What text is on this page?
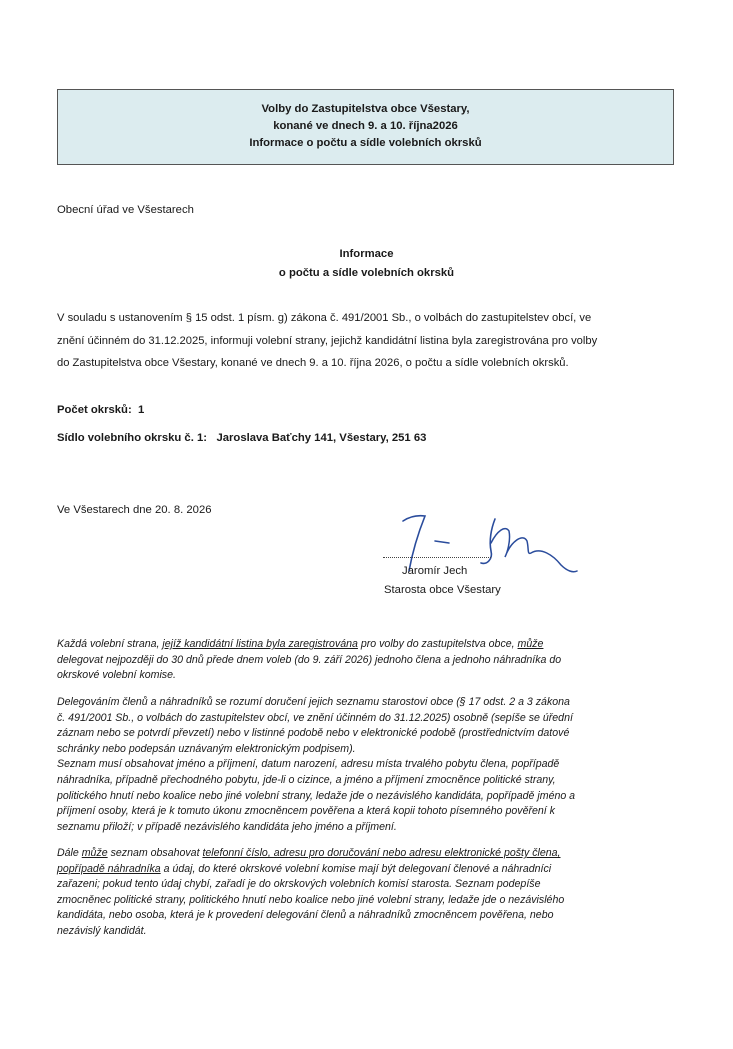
Volby do Zastupitelstva obce Všestary,
konané ve dnech 9. a 10. října2026
Informace o počtu a sídle volebních okrsků
Obecní úřad ve Všestarech
Informace
o počtu a sídle volebních okrsků
V souladu s ustanovením § 15 odst. 1 písm. g) zákona č. 491/2001 Sb., o volbách do zastupitelstev obcí, ve
znění účinném do 31.12.2025, informuji volební strany, jejichž kandidátní listina byla zaregistrována pro volby
do Zastupitelstva obce Všestary, konané ve dnech 9. a 10. října 2026, o počtu a sídle volebních okrsků.
Počet okrsků: 1
Sídlo volebního okrsku č. 1: Jaroslava Baťchy 141, Všestary, 251 63
Ve Všestarech dne 20. 8. 2026
Jaromír Jech
Starosta obce Všestary
Každá volební strana, jejíž kandidátní listina byla zaregistrována pro volby do zastupitelstva obce, může
delegovat nejpozději do 30 dnů přede dnem voleb (do 9. září 2026) jednoho člena a jednoho náhradníka do
okrskové volební komise.
Delegováním členů a náhradníků se rozumí doručení jejich seznamu starostovi obce (§ 17 odst. 2 a 3 zákona
č. 491/2001 Sb., o volbách do zastupitelstev obcí, ve znění účinném do 31.12.2025) osobně (sepíše se úřední
záznam nebo se potvrdí převzetí) nebo v listinné podobě nebo v elektronické podobě (prostřednictvím datové
schránky nebo podepsán uznávaným elektronickým podpisem).
Seznam musí obsahovat jméno a příjmení, datum narození, adresu místa trvalého pobytu člena, popřípadě
náhradníka, případně přechodného pobytu, jde-li o cizince, a jméno a příjmení zmocněnce politické strany,
politického hnutí nebo koalice nebo jiné volební strany, ledaže jde o nezávislého kandidáta, popřípadě jméno a
příjmení osoby, která je k tomuto úkonu zmocněncem pověřena a která kopii tohoto písemného pověření k
seznamu přiloží; v případě nezávislého kandidáta jeho jméno a příjmení.
Dále může seznam obsahovat telefonní číslo, adresu pro doručování nebo adresu elektronické pošty člena,
popřípadě náhradníka a údaj, do které okrskové volební komise mají být delegovaní členové a náhradníci
zařazeni; pokud tento údaj chybí, zařadí je do okrskových volebních komisí starosta. Seznam podepíše
zmocněnec politické strany, politického hnutí nebo koalice nebo jiné volební strany, ledaže jde o nezávislého
kandidáta, nebo osoba, která je k provedení delegování členů a náhradníků zmocněncem pověřena, nebo
nezávislý kandidát.
